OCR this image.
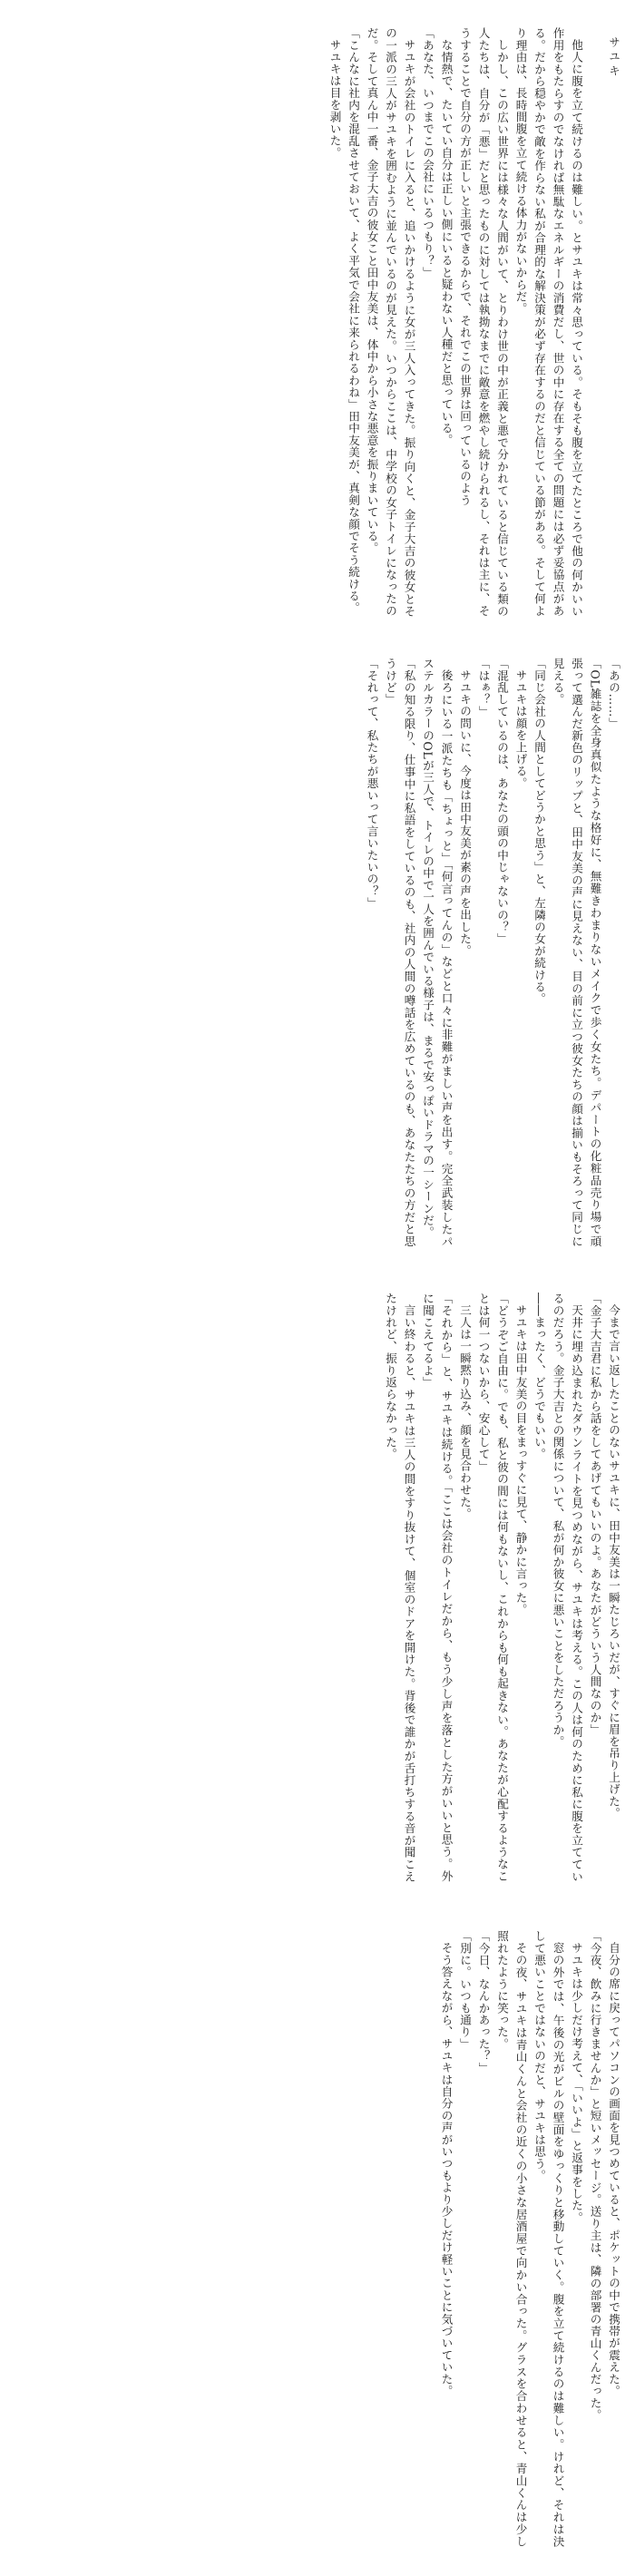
サユキ

他人に腹を立て続けるのは難しい。とサユキは常々思っている。そもそも腹を立てたところで他の何かいい作用をもたらすのでなければ無駄なエネルギーの消費だし、世の中に存在する全ての問題には必ず妥協点がある。だから穏やかで敵を作らない私が合理的な解決策が必ず存在するのだと信じている節がある。そして何より理由は、長時間腹を立て続ける体力がないからだ。

しかし、この広い世界には様々な人間がいて、とりわけ世の中が正義と悪で分かれていると信じている類の人たちは、自分が「悪」だと思ったものに対しては執拗なまでに敵意を燃やし続けられるし、それは主に、そうすることで自分の方が正しいと主張できるからで、それでこの世界は回っているのよう

な情熱で、たいてい自分は正しい側にいると疑わない人種だと思っている。

「あなた、いつまでこの会社にいるつもり？」

サユキが会社のトイレに入ると、追いかけるように女が三人入ってきた。振り向くと、金子大吉の彼女とその一派の三人がサユキを囲むように並んでいるのが見えた。いつからここは、中学校の女子トイレになったのだ。そして真ん中一番、金子大吉の彼女こと田中友美は、体中から小さな悪意を振りまいている。

「こんなに社内を混乱させておいて、よく平気で会社に来られるわね」田中友美が、真剣な顔でそう続ける。

サユキは目を剥いた。

「あの……」

「OL雑誌を全身真似たような格好に、無難きわまりないメイクで歩く女たち。デパートの化粧品売り場で頑張って選んだ新色のリップと、田中友美の声に見えない、目の前に立つ彼女たちの顔は揃いもそろって同じに見える。

「同じ会社の人間としてどうかと思う」と、左隣の女が続ける。

サユキは顔を上げる。

「混乱しているのは、あなたの頭の中じゃないの？」

「はぁ？」

サユキの問いに、今度は田中友美が素の声を出した。

後ろにいる一派たちも「ちょっと」「何言ってんの」などと口々に非難がましい声を出す。完全武装したパステルカラーのOLが三人で、トイレの中で一人を囲んでいる様子は、まるで安っぽいドラマの一シーンだ。

「私の知る限り、仕事中に私語をしているのも、社内の人間の噂話を広めているのも、あなたたちの方だと思うけど」

「それって、私たちが悪いって言いたいの？」

今まで言い返したことのないサユキに、田中友美は一瞬たじろいだが、すぐに眉を吊り上げた。

「金子大吉君に私から話をしてあげてもいいのよ。あなたがどういう人間なのか」

天井に埋め込まれたダウンライトを見つめながら、サユキは考える。この人は何のために私に腹を立てているのだろう。金子大吉との関係について、私が何か彼女に悪いことをしただろうか。

――まったく、どうでもいい。

サユキは田中友美の目をまっすぐに見て、静かに言った。

「どうぞご自由に。でも、私と彼の間には何もないし、これからも何も起きない。あなたが心配するようなことは何一つないから、安心して」

三人は一瞬黙り込み、顔を見合わせた。

「それから」と、サユキは続ける。「ここは会社のトイレだから、もう少し声を落とした方がいいと思う。外に聞こえてるよ」

言い終わると、サユキは三人の間をすり抜けて、個室のドアを開けた。背後で誰かが舌打ちする音が聞こえたけれど、振り返らなかった。

自分の席に戻ってパソコンの画面を見つめていると、ポケットの中で携帯が震えた。

「今夜、飲みに行きませんか」と短いメッセージ。送り主は、隣の部署の青山くんだった。

サユキは少しだけ考えて、「いいよ」と返事をした。

窓の外では、午後の光がビルの壁面をゆっくりと移動していく。腹を立て続けるのは難しい。けれど、それは決して悪いことではないのだと、サユキは思う。

その夜、サユキは青山くんと会社の近くの小さな居酒屋で向かい合った。グラスを合わせると、青山くんは少し照れたように笑った。

「今日、なんかあった？」

「別に。いつも通り」

そう答えながら、サユキは自分の声がいつもより少しだけ軽いことに気づいていた。
